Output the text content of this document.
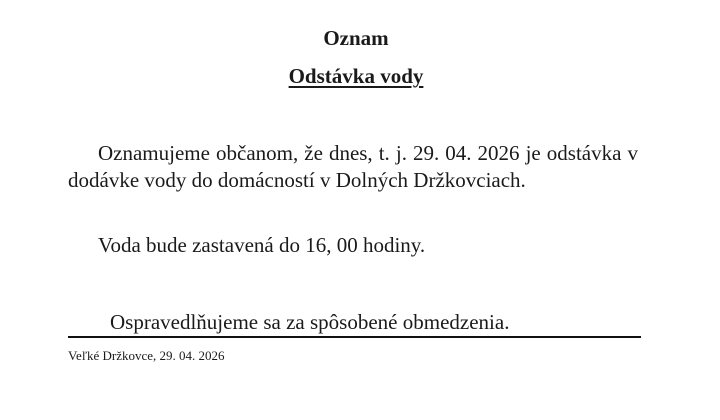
Oznam
Odstávka vody

Oznamujeme občanom, že dnes, t. j. 29. 04. 2026 je odstávka v dodávke vody do domácností v Dolných Držkovciach.

Voda bude zastavená do 16, 00 hodiny.

Ospravedlňujeme sa za spôsobené obmedzenia.

Veľké Držkovce, 29. 04. 2026
